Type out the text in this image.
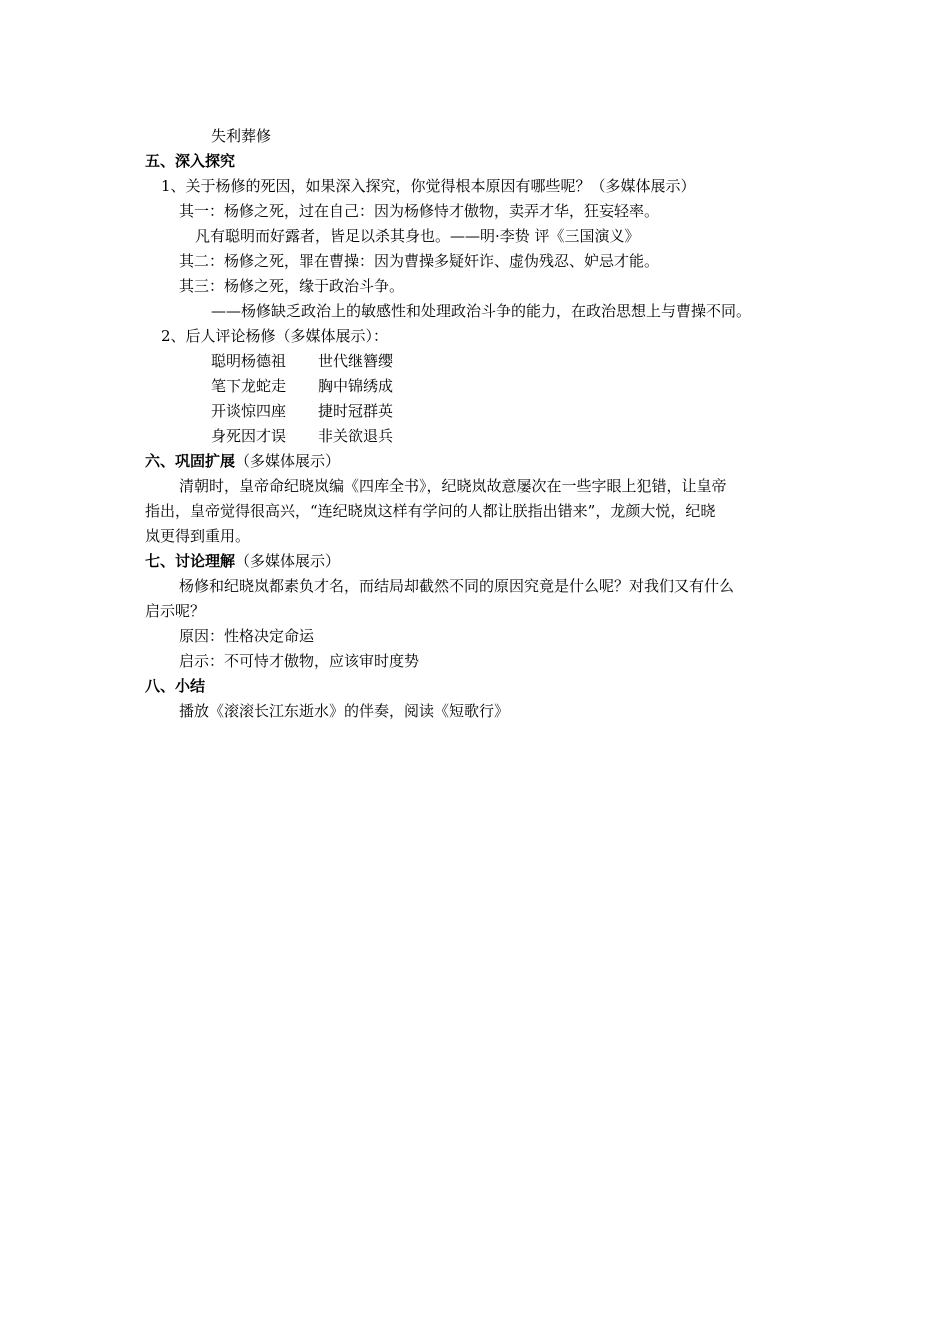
失利葬修
五、深入探究
1、关于杨修的死因，如果深入探究，你觉得根本原因有哪些呢？（多媒体展示）
其一：杨修之死，过在自己：因为杨修恃才傲物，卖弄才华，狂妄轻率。
凡有聪明而好露者，皆足以杀其身也。——明·李贽 评《三国演义》
其二：杨修之死，罪在曹操：因为曹操多疑奸诈、虚伪残忍、妒忌才能。
其三：杨修之死，缘于政治斗争。
——杨修缺乏政治上的敏感性和处理政治斗争的能力，在政治思想上与曹操不同。
2、后人评论杨修（多媒体展示）：
聪明杨德祖 世代继簪缨
笔下龙蛇走 胸中锦绣成
开谈惊四座 捷时冠群英
身死因才误 非关欲退兵
六、巩固扩展（多媒体展示）
清朝时，皇帝命纪晓岚编《四库全书》，纪晓岚故意屡次在一些字眼上犯错，让皇帝
指出，皇帝觉得很高兴，“连纪晓岚这样有学问的人都让朕指出错来”，龙颜大悦，纪晓
岚更得到重用。
七、讨论理解（多媒体展示）
杨修和纪晓岚都素负才名，而结局却截然不同的原因究竟是什么呢？对我们又有什么
启示呢？
原因：性格决定命运
启示：不可恃才傲物，应该审时度势
八、小结
播放《滚滚长江东逝水》的伴奏，阅读《短歌行》
